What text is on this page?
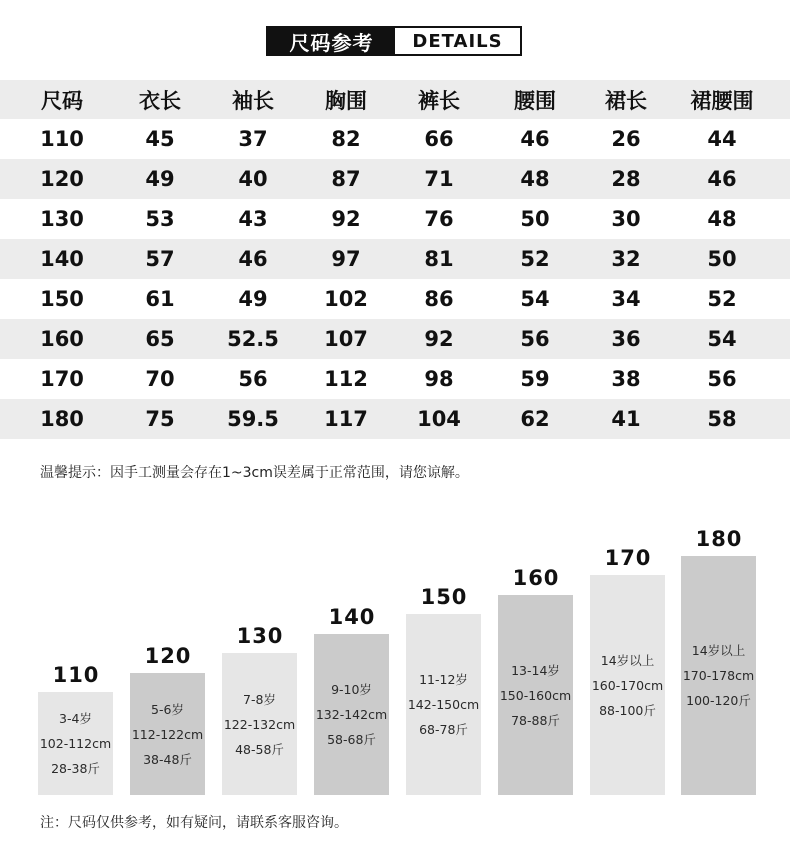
尺码参考	DETAILS
尺码	衣长	袖长	胸围	裤长	腰围	裙长	裙腰围
110	45	37	82	66	46	26	44
120	49	40	87	71	48	28	46
130	53	43	92	76	50	30	48
140	57	46	97	81	52	32	50
150	61	49	102	86	54	34	52
160	65	52.5	107	92	56	36	54
170	70	56	112	98	59	38	56
180	75	59.5	117	104	62	41	58
温馨提示：因手工测量会存在1~3cm误差属于正常范围，请您谅解。
110
3-4岁
102-112cm
28-38斤
120
5-6岁
112-122cm
38-48斤
130
7-8岁
122-132cm
48-58斤
140
9-10岁
132-142cm
58-68斤
150
11-12岁
142-150cm
68-78斤
160
13-14岁
150-160cm
78-88斤
170
14岁以上
160-170cm
88-100斤
180
14岁以上
170-178cm
100-120斤
注：尺码仅供参考，如有疑问，请联系客服咨询。
